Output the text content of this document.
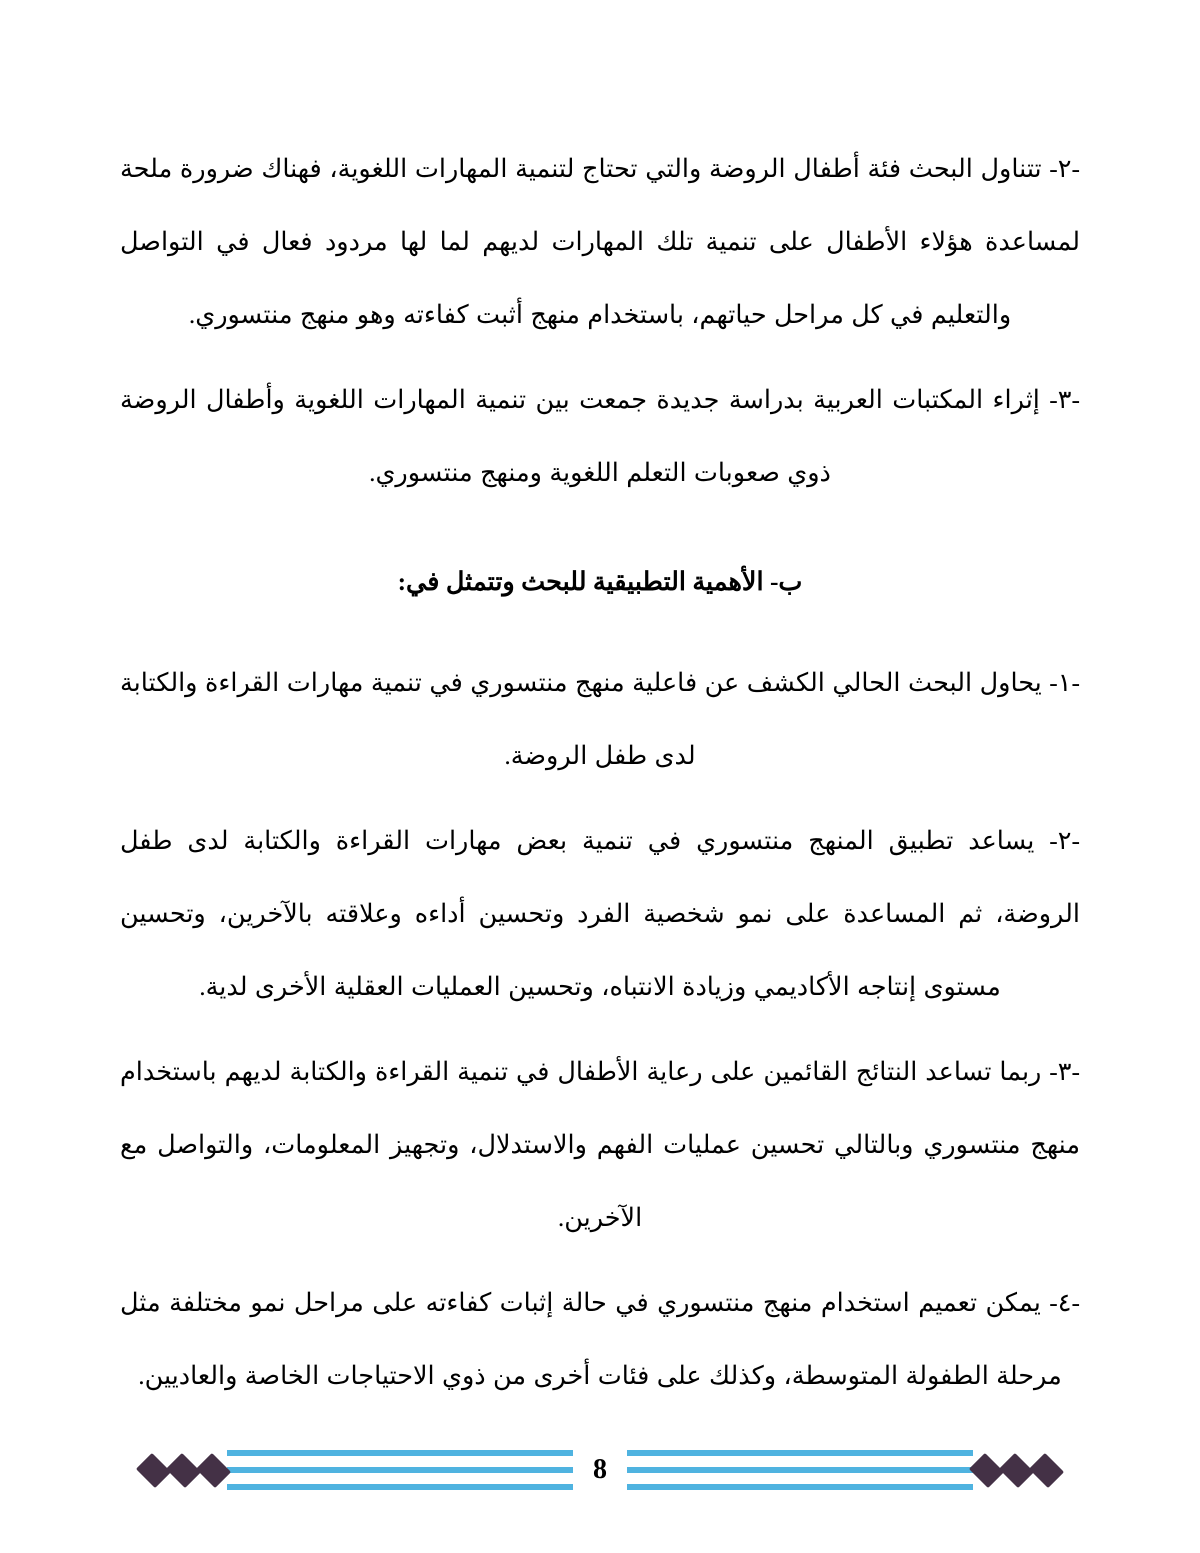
-٢- تتناول البحث فئة أطفال الروضة والتي تحتاج لتنمية المهارات اللغوية، فهناك ضرورة ملحة لمساعدة هؤلاء الأطفال على تنمية تلك المهارات لديهم لما لها مردود فعال في التواصل والتعليم في كل مراحل حياتهم، باستخدام منهج أثبت كفاءته وهو منهج منتسوري.

-٣- إثراء المكتبات العربية بدراسة جديدة جمعت بين تنمية المهارات اللغوية وأطفال الروضة ذوي صعوبات التعلم اللغوية ومنهج منتسوري.

ب- الأهمية التطبيقية للبحث وتتمثل في:

-١- يحاول البحث الحالي الكشف عن فاعلية منهج منتسوري في تنمية مهارات القراءة والكتابة لدى طفل الروضة.

-٢- يساعد تطبيق المنهج منتسوري في تنمية بعض مهارات القراءة والكتابة لدى طفل الروضة، ثم المساعدة على نمو شخصية الفرد وتحسين أداءه وعلاقته بالآخرين، وتحسين مستوى إنتاجه الأكاديمي وزيادة الانتباه، وتحسين العمليات العقلية الأخرى لدية.

-٣- ربما تساعد النتائج القائمين على رعاية الأطفال في تنمية القراءة والكتابة لديهم باستخدام منهج منتسوري وبالتالي تحسين عمليات الفهم والاستدلال، وتجهيز المعلومات، والتواصل مع الآخرين.

-٤- يمكن تعميم استخدام منهج منتسوري في حالة إثبات كفاءته على مراحل نمو مختلفة مثل مرحلة الطفولة المتوسطة، وكذلك على فئات أخرى من ذوي الاحتياجات الخاصة والعاديين.

8
